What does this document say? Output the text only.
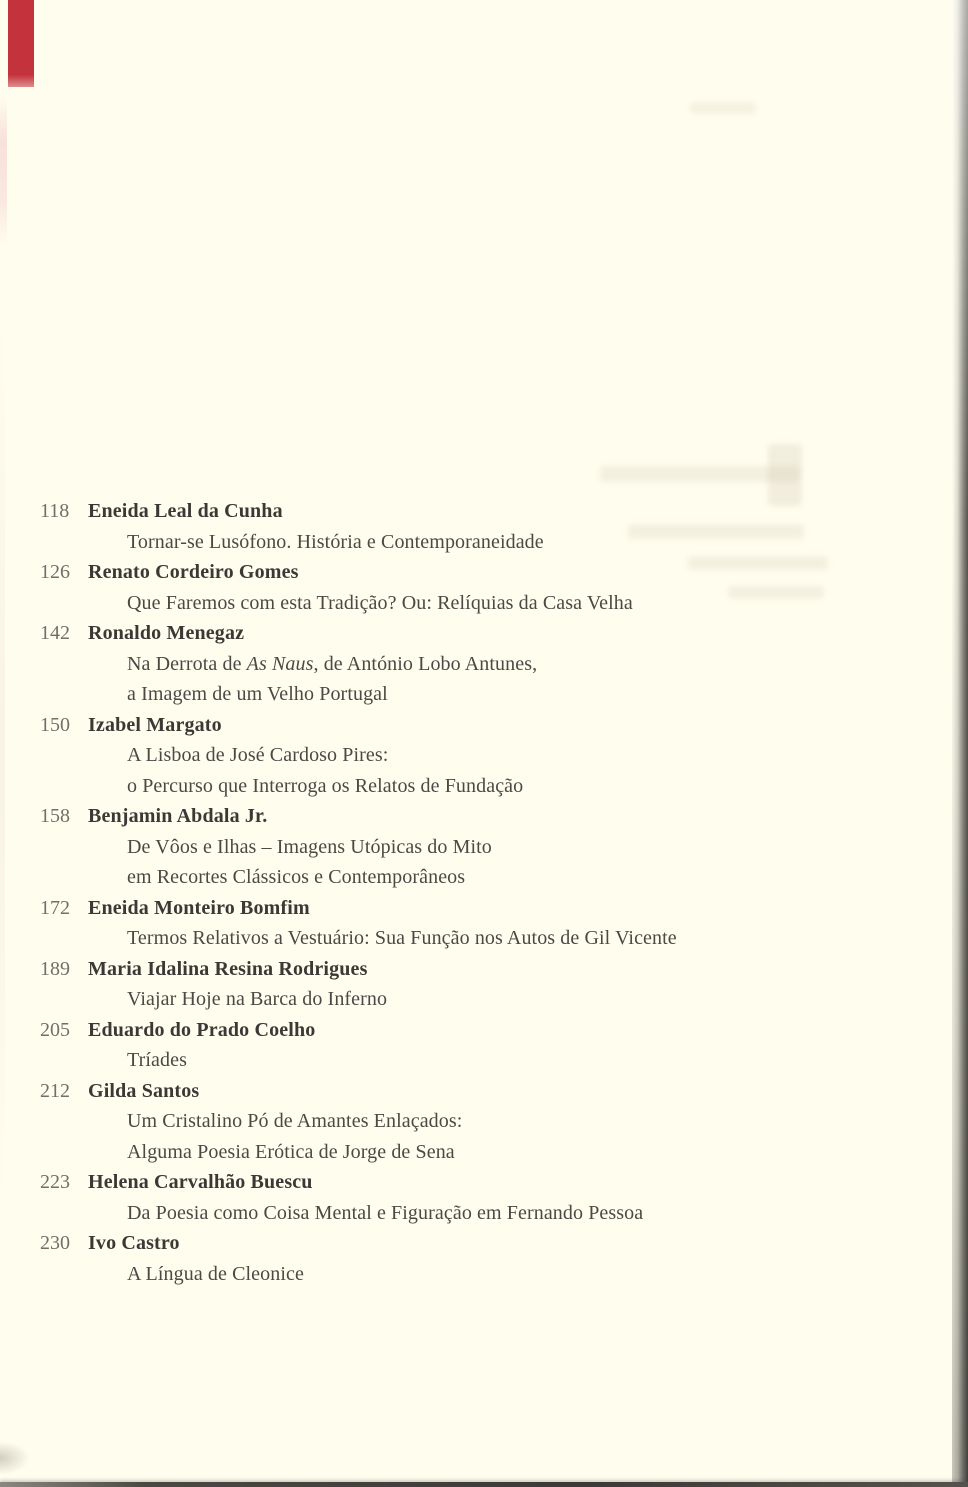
118 Eneida Leal da Cunha
Tornar-se Lusófono. História e Contemporaneidade
126 Renato Cordeiro Gomes
Que Faremos com esta Tradição? Ou: Relíquias da Casa Velha
142 Ronaldo Menegaz
Na Derrota de As Naus, de António Lobo Antunes,
a Imagem de um Velho Portugal
150 Izabel Margato
A Lisboa de José Cardoso Pires:
o Percurso que Interroga os Relatos de Fundação
158 Benjamin Abdala Jr.
De Vôos e Ilhas – Imagens Utópicas do Mito
em Recortes Clássicos e Contemporâneos
172 Eneida Monteiro Bomfim
Termos Relativos a Vestuário: Sua Função nos Autos de Gil Vicente
189 Maria Idalina Resina Rodrigues
Viajar Hoje na Barca do Inferno
205 Eduardo do Prado Coelho
Tríades
212 Gilda Santos
Um Cristalino Pó de Amantes Enlaçados:
Alguma Poesia Erótica de Jorge de Sena
223 Helena Carvalhão Buescu
Da Poesia como Coisa Mental e Figuração em Fernando Pessoa
230 Ivo Castro
A Língua de Cleonice
